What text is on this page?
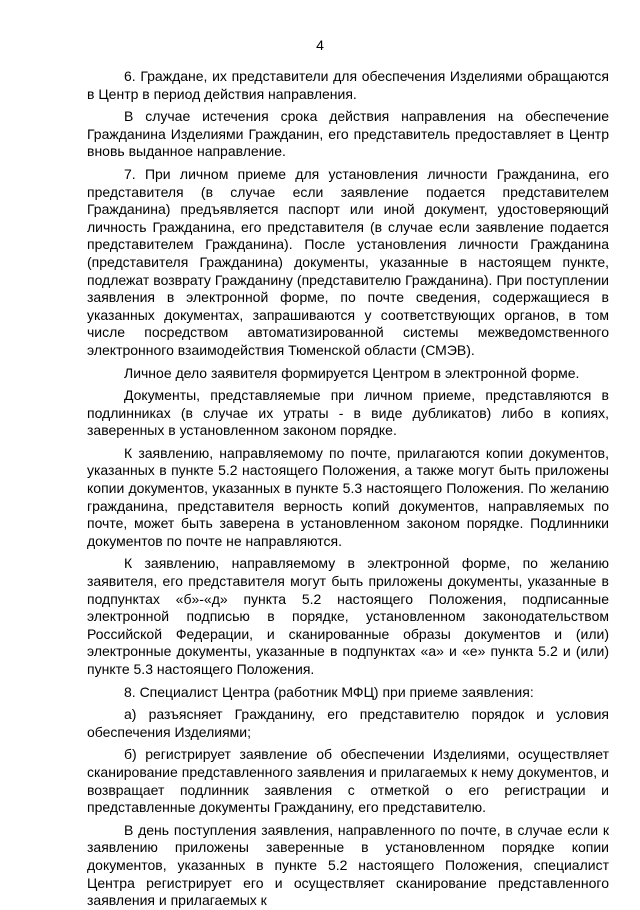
4

6. Граждане, их представители для обеспечения Изделиями обращаются в Центр в период действия направления.

В случае истечения срока действия направления на обеспечение Гражданина Изделиями Гражданин, его представитель предоставляет в Центр вновь выданное направление.

7. При личном приеме для установления личности Гражданина, его представителя (в случае если заявление подается представителем Гражданина) предъявляется паспорт или иной документ, удостоверяющий личность Гражданина, его представителя (в случае если заявление подается представителем Гражданина). После установления личности Гражданина (представителя Гражданина) документы, указанные в настоящем пункте, подлежат возврату Гражданину (представителю Гражданина). При поступлении заявления в электронной форме, по почте сведения, содержащиеся в указанных документах, запрашиваются у соответствующих органов, в том числе посредством автоматизированной системы межведомственного электронного взаимодействия Тюменской области (СМЭВ).

Личное дело заявителя формируется Центром в электронной форме.

Документы, представляемые при личном приеме, представляются в подлинниках (в случае их утраты - в виде дубликатов) либо в копиях, заверенных в установленном законом порядке.

К заявлению, направляемому по почте, прилагаются копии документов, указанных в пункте 5.2 настоящего Положения, а также могут быть приложены копии документов, указанных в пункте 5.3 настоящего Положения. По желанию гражданина, представителя верность копий документов, направляемых по почте, может быть заверена в установленном законом порядке. Подлинники документов по почте не направляются.

К заявлению, направляемому в электронной форме, по желанию заявителя, его представителя могут быть приложены документы, указанные в подпунктах «б»-«д» пункта 5.2 настоящего Положения, подписанные электронной подписью в порядке, установленном законодательством Российской Федерации, и сканированные образы документов и (или) электронные документы, указанные в подпунктах «а» и «е» пункта 5.2 и (или) пункте 5.3 настоящего Положения.

8. Специалист Центра (работник МФЦ) при приеме заявления:

а) разъясняет Гражданину, его представителю порядок и условия обеспечения Изделиями;

б) регистрирует заявление об обеспечении Изделиями, осуществляет сканирование представленного заявления и прилагаемых к нему документов, и возвращает подлинник заявления с отметкой о его регистрации и представленные документы Гражданину, его представителю.

В день поступления заявления, направленного по почте, в случае если к заявлению приложены заверенные в установленном порядке копии документов, указанных в пункте 5.2 настоящего Положения, специалист Центра регистрирует его и осуществляет сканирование представленного заявления и прилагаемых к
